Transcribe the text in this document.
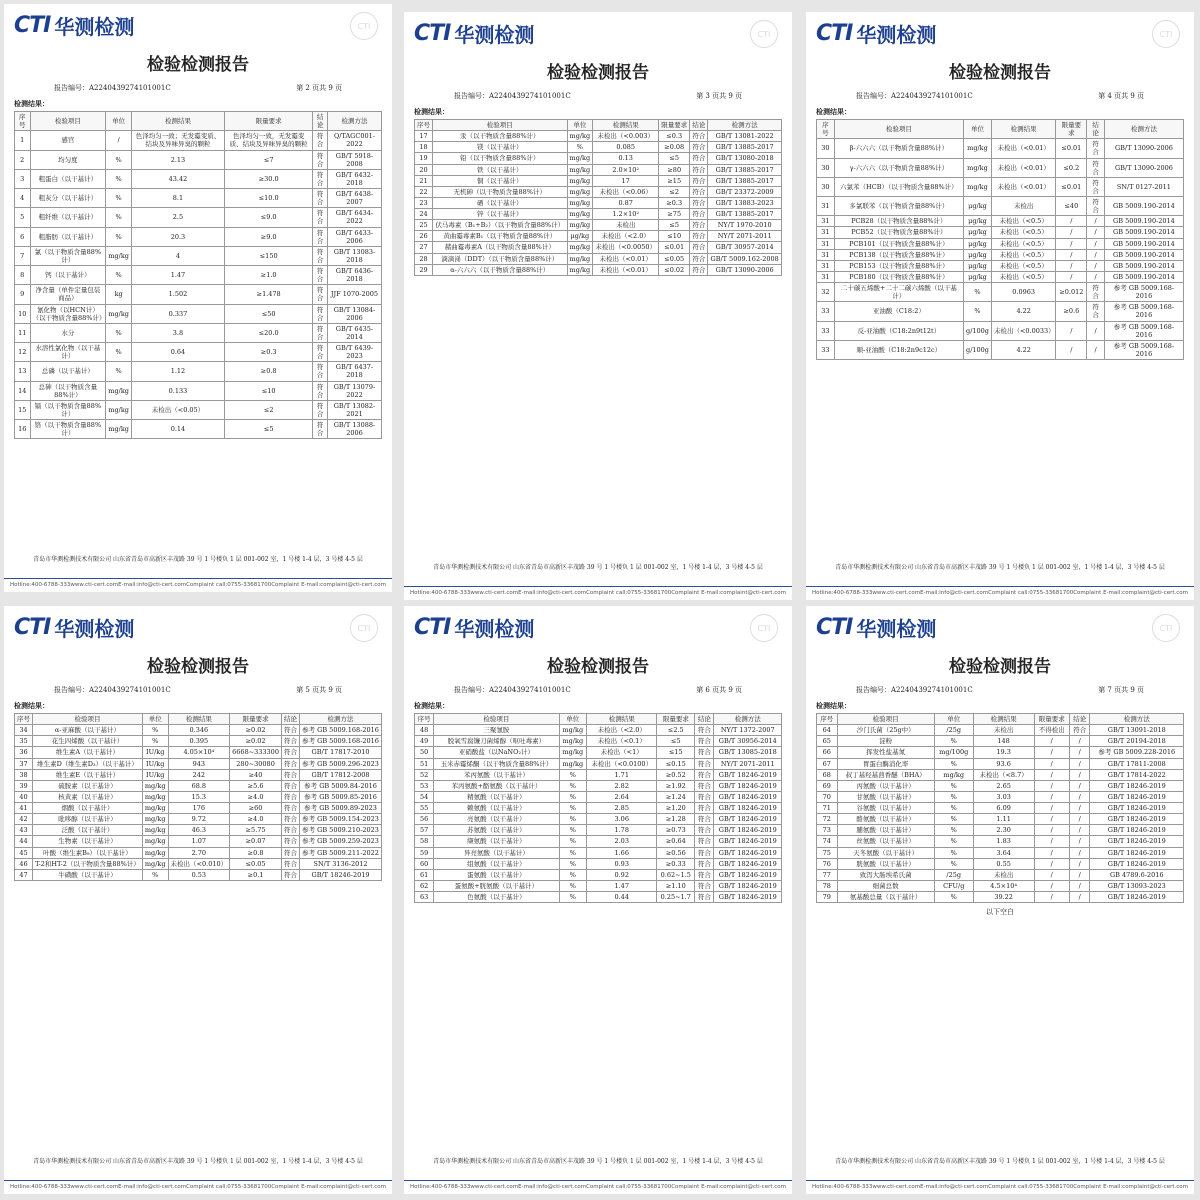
CTI 华测检测	CTI
检验检测报告
报告编号：A2240439274101001C	第 2 页共 9 页
检测结果：
序号	检验项目	单位	检测结果	限量要求	结论	检测方法
1	感官	/	色泽均匀一致；无发霉变质、结块及异味异臭的颗粒	色泽均匀一致，无发霉变质、结块及异味异臭的颗粒	符合	Q/TAGC001-2022
2	均匀度	%	2.13	≤7	符合	GB/T 5918-2008
3	粗蛋白（以干基计）	%	43.42	≥30.0	符合	GB/T 6432-2018
4	粗灰分（以干基计）	%	8.1	≤10.0	符合	GB/T 6438-2007
5	粗纤维（以干基计）	%	2.5	≤9.0	符合	GB/T 6434-2022
6	粗脂肪（以干基计）	%	20.3	≥9.0	符合	GB/T 6433-2006
7	氯（以干物质含量88%计）	mg/kg	4	≤150	符合	GB/T 13083-2018
8	钙（以干基计）	%	1.47	≥1.0	符合	GB/T 6436-2018
9	净含量（单件定量包装商品）	kg	1.502	≥1.478	符合	JJF 1070-2005
10	氰化物（以HCN计）（以干物质含量88%计）	mg/kg	0.337	≤50	符合	GB/T 13084-2006
11	水分	%	3.8	≤20.0	符合	GB/T 6435-2014
12	水溶性氯化物（以干基计）	%	0.64	≥0.3	符合	GB/T 6439-2023
13	总磷（以干基计）	%	1.12	≥0.8	符合	GB/T 6437-2018
14	总砷（以干物质含量88%计）	mg/kg	0.133	≤10	符合	GB/T 13079-2022
15	镉（以干物质含量88%计）	mg/kg	未检出（<0.05）	≤2	符合	GB/T 13082-2021
16	铬（以干物质含量88%计）	mg/kg	0.14	≤5	符合	GB/T 13088-2006
青岛市华测检测技术有限公司 山东省青岛市高新区丰茂路 39 号 1 号楼负 1 层 001-002 室，1 号楼 1-4 层，3 号楼 4-5 层
Hotline:400-6788-333 www.cti-cert.com E-mail:info@cti-cert.com Complaint call:0755-33681700 Complaint E-mail:complaint@cti-cert.com
CTI 华测检测	CTI
检验检测报告
报告编号：A2240439274101001C	第 3 页共 9 页
检测结果：
序号	检验项目	单位	检测结果	限量要求	结论	检测方法
17	汞（以干物质含量88%计）	mg/kg	未检出（<0.003）	≤0.3	符合	GB/T 13081-2022
18	镁（以干基计）	%	0.085	≥0.08	符合	GB/T 13885-2017
19	铅（以干物质含量88%计）	mg/kg	0.13	≤5	符合	GB/T 13080-2018
20	铁（以干基计）	mg/kg	2.0×10²	≥80	符合	GB/T 13885-2017
21	铜（以干基计）	mg/kg	17	≥15	符合	GB/T 13885-2017
22	无机砷（以干物质含量88%计）	mg/kg	未检出（<0.06）	≤2	符合	GB/T 23372-2009
23	硒（以干基计）	mg/kg	0.87	≥0.3	符合	GB/T 13883-2023
24	锌（以干基计）	mg/kg	1.2×10²	≥75	符合	GB/T 13885-2017
25	伏马毒素（B₁+B₂）（以干物质含量88%计）	mg/kg	未检出	≤5	符合	NY/T 1970-2010
26	黄曲霉毒素B₁（以干物质含量88%计）	μg/kg	未检出（<2.0）	≤10	符合	NY/T 2071-2011
27	赭曲霉毒素A（以干物质含量88%计）	mg/kg	未检出（<0.0050）	≤0.01	符合	GB/T 30957-2014
28	滴滴涕（DDT）（以干物质含量88%计）	mg/kg	未检出（<0.01）	≤0.05	符合	GB/T 5009.162-2008
29	α-六六六（以干物质含量88%计）	mg/kg	未检出（<0.01）	≤0.02	符合	GB/T 13090-2006
青岛市华测检测技术有限公司 山东省青岛市高新区丰茂路 39 号 1 号楼负 1 层 001-002 室，1 号楼 1-4 层，3 号楼 4-5 层
Hotline:400-6788-333 www.cti-cert.com E-mail:info@cti-cert.com Complaint call:0755-33681700 Complaint E-mail:complaint@cti-cert.com
CTI 华测检测	CTI
检验检测报告
报告编号：A2240439274101001C	第 4 页共 9 页
检测结果：
序号	检验项目	单位	检测结果	限量要求	结论	检测方法
30	β-六六六（以干物质含量88%计）	mg/kg	未检出（<0.01）	≤0.01	符合	GB/T 13090-2006
30	γ-六六六（以干物质含量88%计）	mg/kg	未检出（<0.01）	≤0.2	符合	GB/T 13090-2006
30	六氯苯（HCB）（以干物质含量88%计）	mg/kg	未检出（<0.01）	≤0.01	符合	SN/T 0127-2011
31	多氯联苯（以干物质含量88%计）	μg/kg	未检出	≤40	符合	GB 5009.190-2014
31	PCB28（以干物质含量88%计）	μg/kg	未检出（<0.5）	/	/	GB 5009.190-2014
31	PCB52（以干物质含量88%计）	μg/kg	未检出（<0.5）	/	/	GB 5009.190-2014
31	PCB101（以干物质含量88%计）	μg/kg	未检出（<0.5）	/	/	GB 5009.190-2014
31	PCB138（以干物质含量88%计）	μg/kg	未检出（<0.5）	/	/	GB 5009.190-2014
31	PCB153（以干物质含量88%计）	μg/kg	未检出（<0.5）	/	/	GB 5009.190-2014
31	PCB180（以干物质含量88%计）	μg/kg	未检出（<0.5）	/	/	GB 5009.190-2014
32	二十碳五烯酸+二十二碳六烯酸（以干基计）	%	0.0963	≥0.012	符合	参考 GB 5009.168-2016
33	亚油酸（C18:2）	%	4.22	≥0.6	符合	参考 GB 5009.168-2016
33	反-亚油酸（C18:2n9t12t）	g/100g	未检出（<0.0033）	/	/	参考 GB 5009.168-2016
33	顺-亚油酸（C18:2n9c12c）	g/100g	4.22	/	/	参考 GB 5009.168-2016
青岛市华测检测技术有限公司 山东省青岛市高新区丰茂路 39 号 1 号楼负 1 层 001-002 室，1 号楼 1-4 层，3 号楼 4-5 层
Hotline:400-6788-333 www.cti-cert.com E-mail:info@cti-cert.com Complaint call:0755-33681700 Complaint E-mail:complaint@cti-cert.com
CTI 华测检测	CTI
检验检测报告
报告编号：A2240439274101001C	第 5 页共 9 页
检测结果：
序号	检验项目	单位	检测结果	限量要求	结论	检测方法
34	α-亚麻酸（以干基计）	%	0.346	≥0.02	符合	参考 GB 5009.168-2016
35	花生四烯酸（以干基计）	%	0.395	≥0.02	符合	参考 GB 5009.168-2016
36	维生素A（以干基计）	IU/kg	4.05×10⁴	6668~333300	符合	GB/T 17817-2010
37	维生素D（维生素D₃）（以干基计）	IU/kg	943	280~30080	符合	参考 GB 5009.296-2023
38	维生素E（以干基计）	IU/kg	242	≥40	符合	GB/T 17812-2008
39	硫胺素（以干基计）	mg/kg	68.8	≥5.6	符合	参考 GB 5009.84-2016
40	核黄素（以干基计）	mg/kg	15.3	≥4.0	符合	参考 GB 5009.85-2016
41	烟酸（以干基计）	mg/kg	176	≥60	符合	参考 GB 5009.89-2023
42	吡哆醇（以干基计）	mg/kg	9.72	≥4.0	符合	参考 GB 5009.154-2023
43	泛酸（以干基计）	mg/kg	46.3	≥5.75	符合	参考 GB 5009.210-2023
44	生物素（以干基计）	mg/kg	1.07	≥0.07	符合	参考 GB 5009.259-2023
45	叶酸（维生素B₉）（以干基计）	mg/kg	2.70	≥0.8	符合	参考 GB 5009.211-2022
46	T-2和HT-2（以干物质含量88%计）	mg/kg	未检出（<0.010）	≤0.05	符合	SN/T 3136-2012
47	牛磺酸（以干基计）	%	0.53	≥0.1	符合	GB/T 18246-2019
青岛市华测检测技术有限公司 山东省青岛市高新区丰茂路 39 号 1 号楼负 1 层 001-002 室，1 号楼 1-4 层，3 号楼 4-5 层
Hotline:400-6788-333 www.cti-cert.com E-mail:info@cti-cert.com Complaint call:0755-33681700 Complaint E-mail:complaint@cti-cert.com
CTI 华测检测	CTI
检验检测报告
报告编号：A2240439274101001C	第 6 页共 9 页
检测结果：
序号	检验项目	单位	检测结果	限量要求	结论	检测方法
48	三聚氰胺	mg/kg	未检出（<2.0）	≤2.5	符合	NY/T 1372-2007
49	脱氧雪腐镰刀菌烯醇（呕吐毒素）	mg/kg	未检出（<0.1）	≤5	符合	GB/T 30956-2014
50	亚硝酸盐（以NaNO₂计）	mg/kg	未检出（<1）	≤15	符合	GB/T 13085-2018
51	玉米赤霉烯酮（以干物质含量88%计）	mg/kg	未检出（<0.0100）	≤0.15	符合	NY/T 2071-2011
52	苯丙氨酸（以干基计）	%	1.71	≥0.52	符合	GB/T 18246-2019
53	苯丙氨酸+酪氨酸（以干基计）	%	2.82	≥1.92	符合	GB/T 18246-2019
54	精氨酸（以干基计）	%	2.64	≥1.24	符合	GB/T 18246-2019
55	赖氨酸（以干基计）	%	2.85	≥1.20	符合	GB/T 18246-2019
56	亮氨酸（以干基计）	%	3.06	≥1.28	符合	GB/T 18246-2019
57	苏氨酸（以干基计）	%	1.78	≥0.73	符合	GB/T 18246-2019
58	缬氨酸（以干基计）	%	2.03	≥0.64	符合	GB/T 18246-2019
59	异亮氨酸（以干基计）	%	1.66	≥0.56	符合	GB/T 18246-2019
60	组氨酸（以干基计）	%	0.93	≥0.33	符合	GB/T 18246-2019
61	蛋氨酸（以干基计）	%	0.92	0.62~1.5	符合	GB/T 18246-2019
62	蛋氨酸+胱氨酸（以干基计）	%	1.47	≥1.10	符合	GB/T 18246-2019
63	色氨酸（以干基计）	%	0.44	0.25~1.7	符合	GB/T 18246-2019
青岛市华测检测技术有限公司 山东省青岛市高新区丰茂路 39 号 1 号楼负 1 层 001-002 室，1 号楼 1-4 层，3 号楼 4-5 层
Hotline:400-6788-333 www.cti-cert.com E-mail:info@cti-cert.com Complaint call:0755-33681700 Complaint E-mail:complaint@cti-cert.com
CTI 华测检测	CTI
检验检测报告
报告编号：A2240439274101001C	第 7 页共 9 页
检测结果：
序号	检验项目	单位	检测结果	限量要求	结论	检测方法
64	沙门氏菌（25g中）	/25g	未检出	不得检出	符合	GB/T 13091-2018
65	淀粉	%	148	/	/	GB/T 20194-2018
66	挥发性盐基氮	mg/100g	19.3	/	/	参考 GB 5009.228-2016
67	胃蛋白酶消化率	%	93.6	/	/	GB/T 17811-2008
68	叔丁基羟基茴香醚（BHA）	mg/kg	未检出（<8.7）	/	/	GB/T 17814-2022
69	丙氨酸（以干基计）	%	2.65	/	/	GB/T 18246-2019
70	甘氨酸（以干基计）	%	3.03	/	/	GB/T 18246-2019
71	谷氨酸（以干基计）	%	6.09	/	/	GB/T 18246-2019
72	酪氨酸（以干基计）	%	1.11	/	/	GB/T 18246-2019
73	脯氨酸（以干基计）	%	2.30	/	/	GB/T 18246-2019
74	丝氨酸（以干基计）	%	1.83	/	/	GB/T 18246-2019
75	天冬氨酸（以干基计）	%	3.64	/	/	GB/T 18246-2019
76	胱氨酸（以干基计）	%	0.55	/	/	GB/T 18246-2019
77	致泻大肠埃希氏菌	/25g	未检出	/	/	GB 4789.6-2016
78	细菌总数	CFU/g	4.5×10⁴	/	/	GB/T 13093-2023
79	氨基酸总量（以干基计）	%	39.22	/	/	GB/T 18246-2019
以下空白
青岛市华测检测技术有限公司 山东省青岛市高新区丰茂路 39 号 1 号楼负 1 层 001-002 室，1 号楼 1-4 层，3 号楼 4-5 层
Hotline:400-6788-333 www.cti-cert.com E-mail:info@cti-cert.com Complaint call:0755-33681700 Complaint E-mail:complaint@cti-cert.com
